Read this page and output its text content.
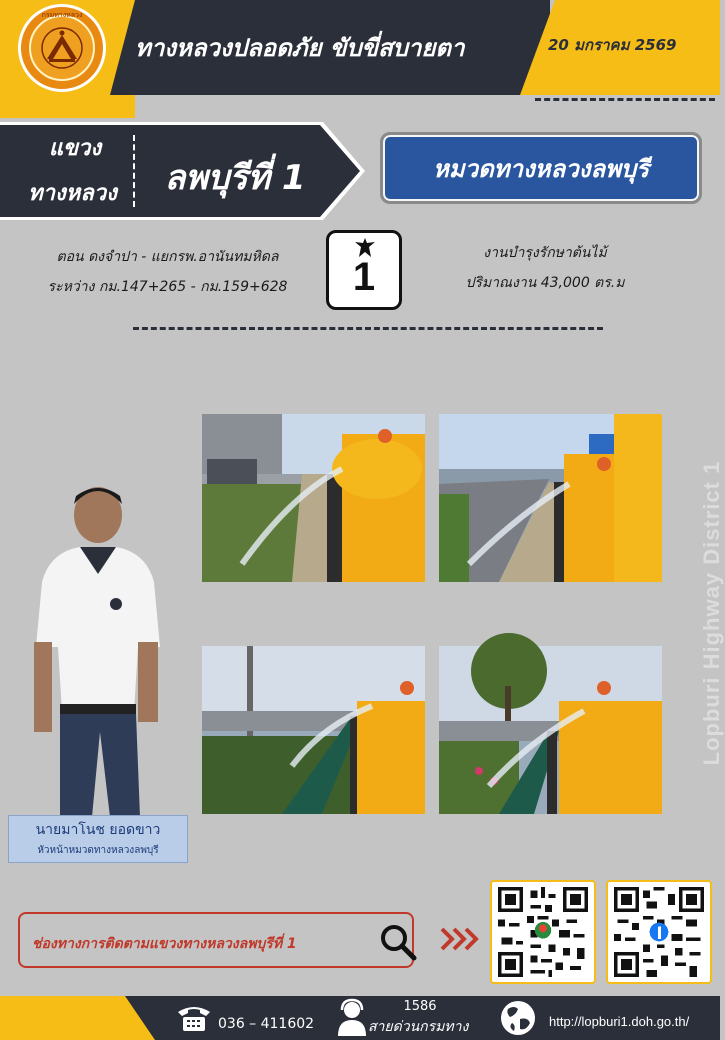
กรมทางหลวง
ทางหลวงปลอดภัย ขับขี่สบายตา	20 มกราคม 2569
แขวง
ทางหลวง	ลพบุรีที่ 1	หมวดทางหลวงลพบุรี
ตอน ดงจำปา - แยกรพ.อานันทมหิดล
ระหว่าง กม.147+265 - กม.159+628	1
งานบำรุงรักษาต้นไม้
ปริมาณงาน 43,000 ตร.ม
Lopburi Highway District 1
นายมาโนช ยอดขาว
หัวหน้าหมวดทางหลวงลพบุรี
ช่องทางการติดตามแขวงทางหลวงลพบุรีที่ 1
036 – 411602
1586
สายด่วนกรมทาง	http://lopburi1.doh.go.th/
